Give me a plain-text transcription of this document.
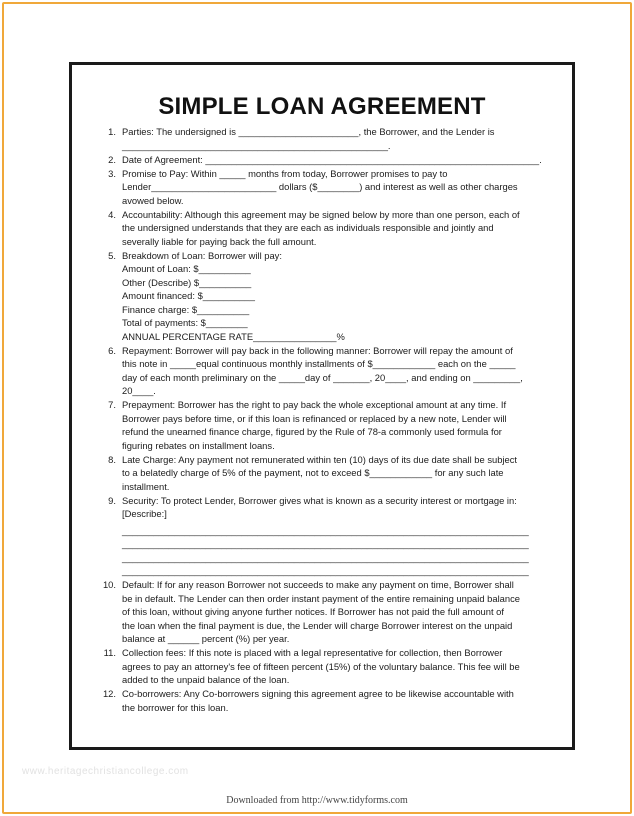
SIMPLE LOAN AGREEMENT
1. Parties: The undersigned is _______________________, the Borrower, and the Lender is
___________________________________________________.
2. Date of Agreement: ________________________________________________________________.
3. Promise to Pay: Within _____ months from today, Borrower promises to pay to
Lender________________________ dollars ($________) and interest as well as other charges
avowed below.
4. Accountability: Although this agreement may be signed below by more than one person, each of
the undersigned understands that they are each as individuals responsible and jointly and
severally liable for paying back the full amount.
5. Breakdown of Loan: Borrower will pay:
Amount of Loan: $__________
Other (Describe) $__________
Amount financed: $__________
Finance charge: $__________
Total of payments: $________
ANNUAL PERCENTAGE RATE________________%
6. Repayment: Borrower will pay back in the following manner: Borrower will repay the amount of
this note in _____equal continuous monthly installments of $____________ each on the _____
day of each month preliminary on the _____day of _______, 20____, and ending on _________,
20____.
7. Prepayment: Borrower has the right to pay back the whole exceptional amount at any time. If
Borrower pays before time, or if this loan is refinanced or replaced by a new note, Lender will
refund the unearned finance charge, figured by the Rule of 78-a commonly used formula for
figuring rebates on installment loans.
8. Late Charge: Any payment not remunerated within ten (10) days of its due date shall be subject
to a belatedly charge of 5% of the payment, not to exceed $____________ for any such late
installment.
9. Security: To protect Lender, Borrower gives what is known as a security interest or mortgage in:
[Describe:]
______________________________________________________________________________
______________________________________________________________________________
______________________________________________________________________________
______________________________________________________________________________
10. Default: If for any reason Borrower not succeeds to make any payment on time, Borrower shall
be in default. The Lender can then order instant payment of the entire remaining unpaid balance
of this loan, without giving anyone further notices. If Borrower has not paid the full amount of
the loan when the final payment is due, the Lender will charge Borrower interest on the unpaid
balance at ______ percent (%) per year.
11. Collection fees: If this note is placed with a legal representative for collection, then Borrower
agrees to pay an attorney's fee of fifteen percent (15%) of the voluntary balance. This fee will be
added to the unpaid balance of the loan.
12. Co-borrowers: Any Co-borrowers signing this agreement agree to be likewise accountable with
the borrower for this loan.
www.heritagechristiancollege.com
Downloaded from http://www.tidyforms.com
